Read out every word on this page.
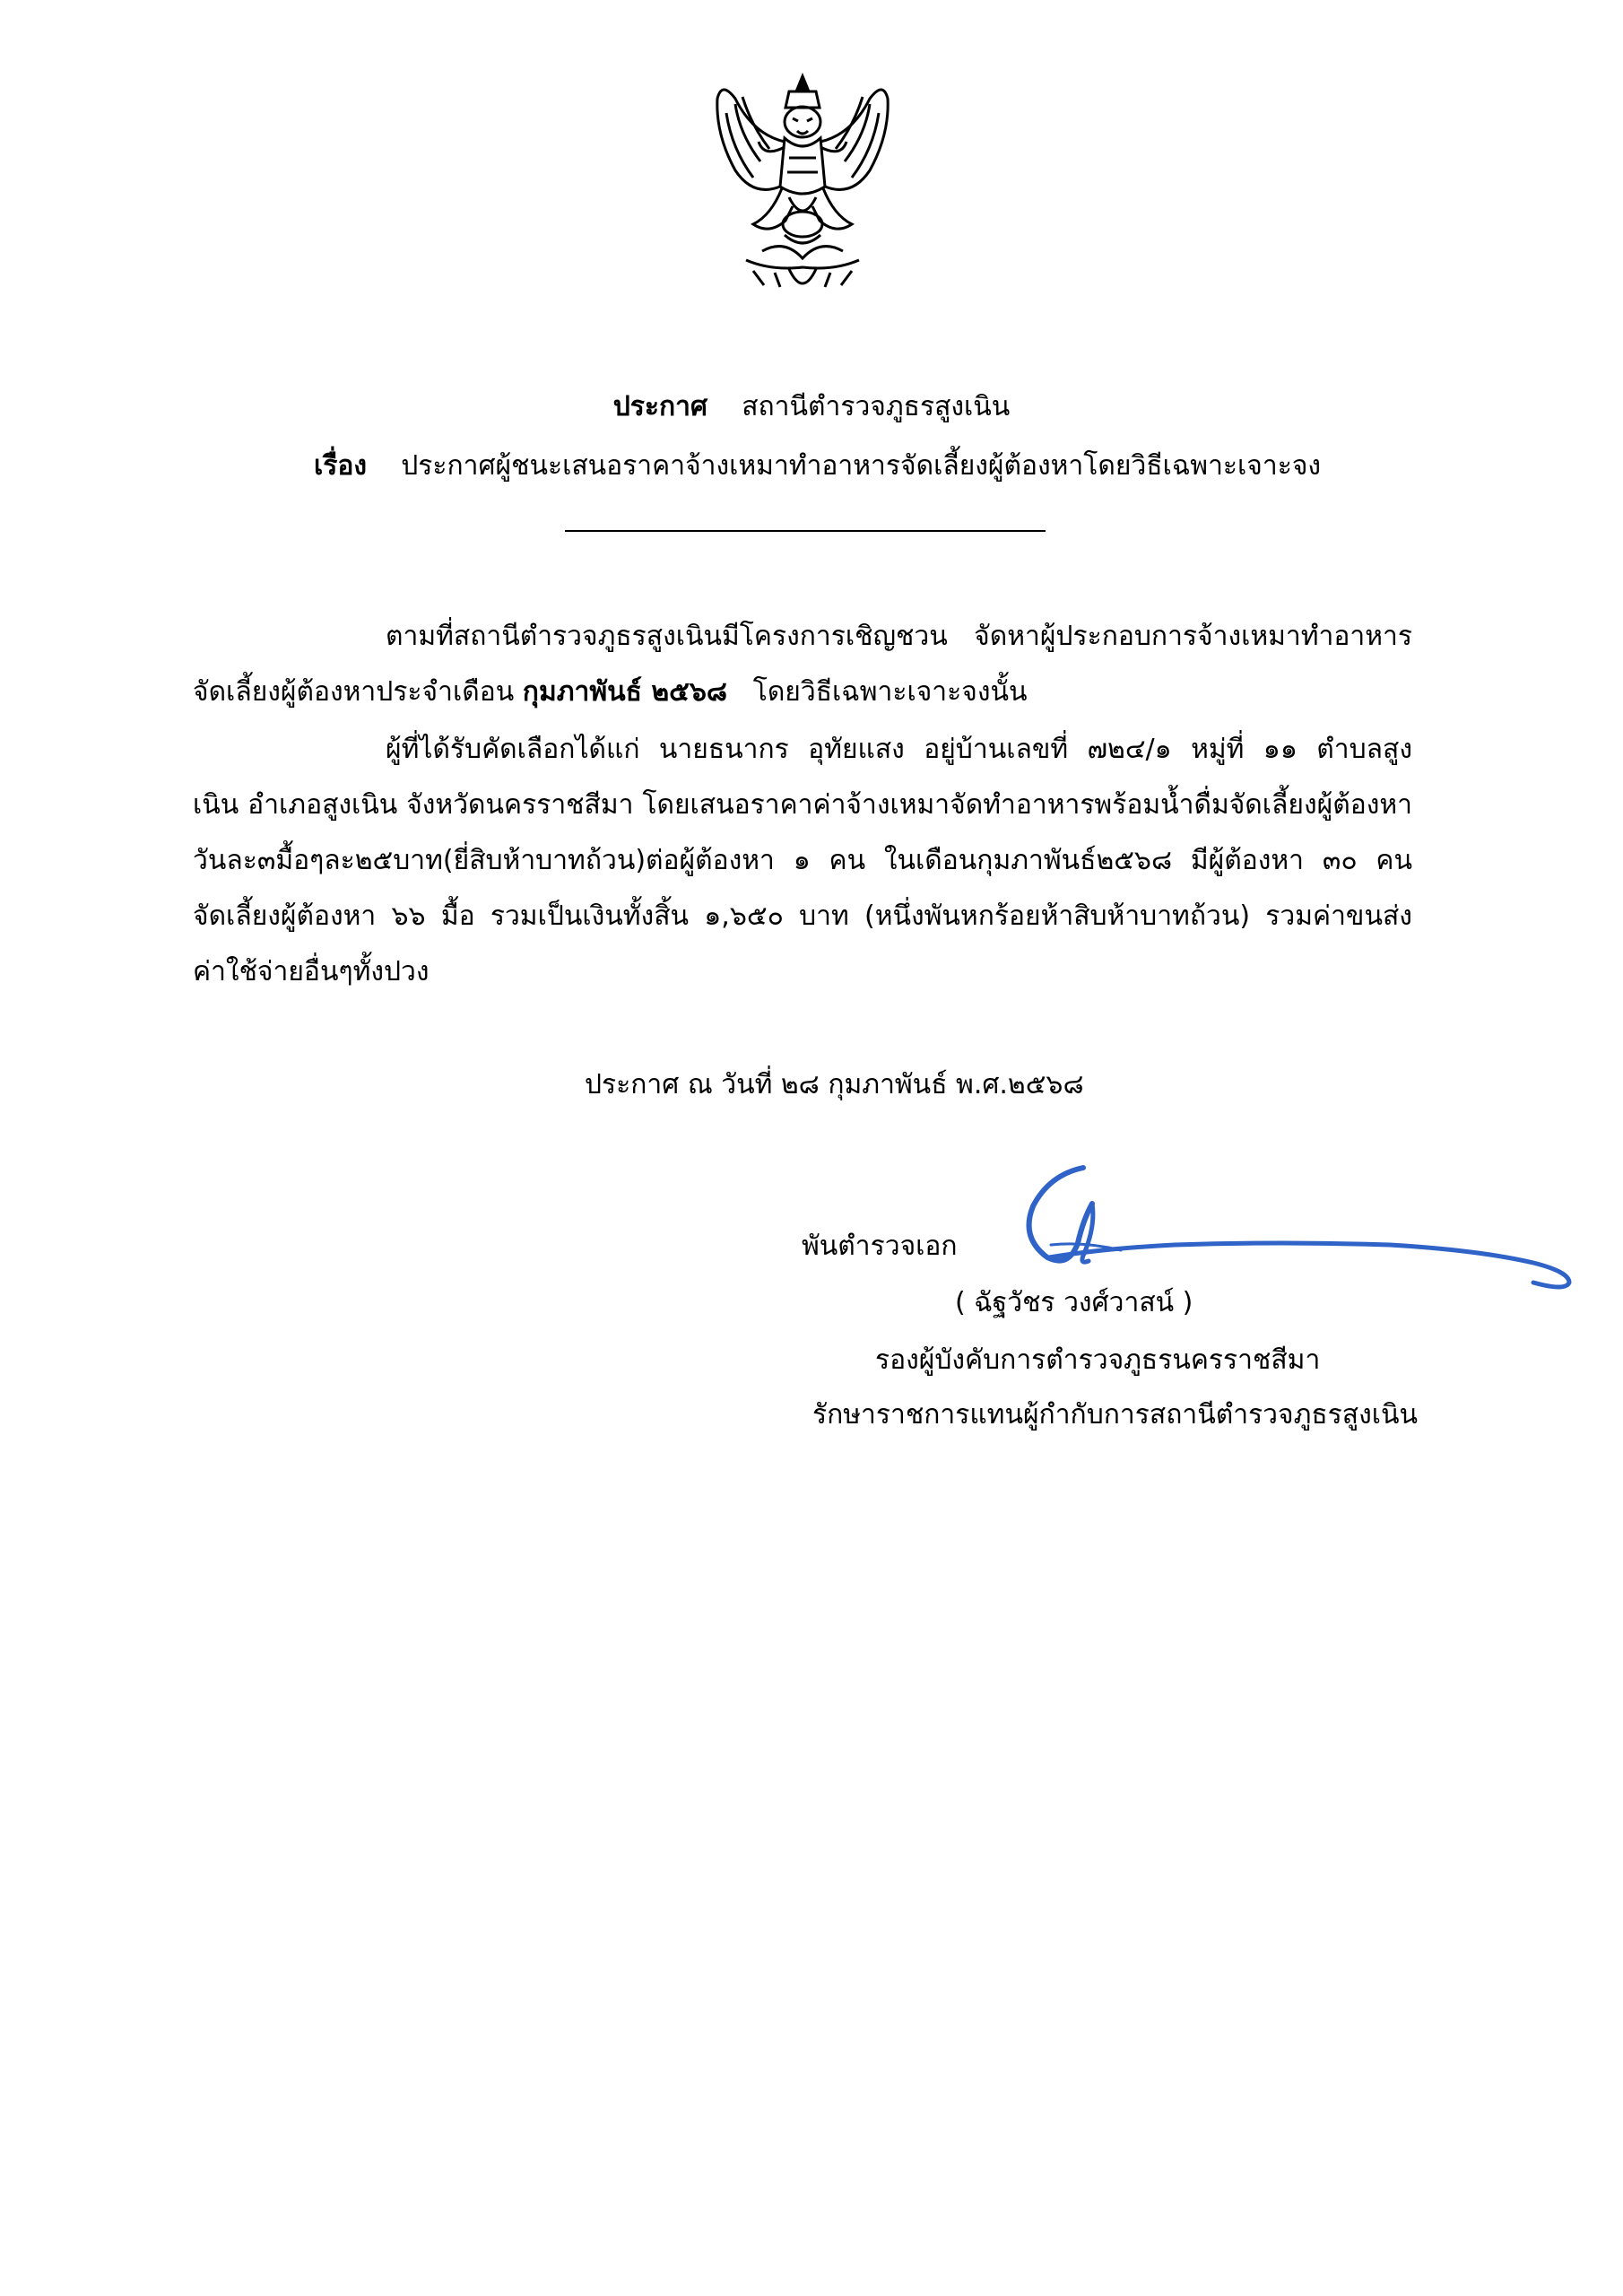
ประกาศ สถานีตำรวจภูธรสูงเนิน
เรื่อง ประกาศผู้ชนะเสนอราคาจ้างเหมาทำอาหารจัดเลี้ยงผู้ต้องหาโดยวิธีเฉพาะเจาะจง
ตามที่สถานีตำรวจภูธรสูงเนินมีโครงการเชิญชวน จัดหาผู้ประกอบการจ้างเหมาทำอาหาร
จัดเลี้ยงผู้ต้องหาประจำเดือน กุมภาพันธ์ ๒๕๖๘ โดยวิธีเฉพาะเจาะจงนั้น
ผู้ที่ได้รับคัดเลือกได้แก่ นายธนากร อุทัยแสง อยู่บ้านเลขที่ ๗๒๔/๑ หมู่ที่ ๑๑ ตำบลสูง
เนิน อำเภอสูงเนิน จังหวัดนครราชสีมา โดยเสนอราคาค่าจ้างเหมาจัดทำอาหารพร้อมน้ำดื่มจัดเลี้ยงผู้ต้องหา
วันละ๓มื้อๆละ๒๕บาท(ยี่สิบห้าบาทถ้วน)ต่อผู้ต้องหา ๑ คน ในเดือนกุมภาพันธ์๒๕๖๘ มีผู้ต้องหา ๓๐ คน
จัดเลี้ยงผู้ต้องหา ๖๖ มื้อ รวมเป็นเงินทั้งสิ้น ๑,๖๕๐ บาท (หนึ่งพันหกร้อยห้าสิบห้าบาทถ้วน) รวมค่าขนส่ง
ค่าใช้จ่ายอื่นๆทั้งปวง
ประกาศ ณ วันที่ ๒๘ กุมภาพันธ์ พ.ศ.๒๕๖๘
พันตำรวจเอก
( ฉัฐวัชร วงศ์วาสน์ )
รองผู้บังคับการตำรวจภูธรนครราชสีมา
รักษาราชการแทนผู้กำกับการสถานีตำรวจภูธรสูงเนิน
